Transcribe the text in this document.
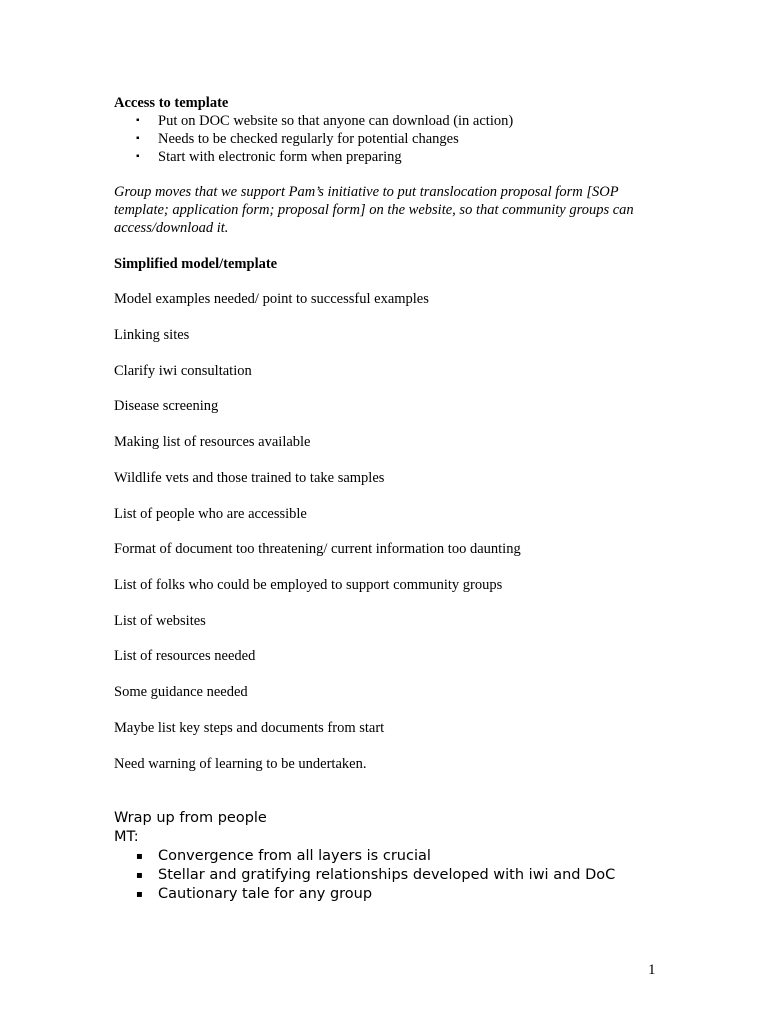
Access to template
▪ Put on DOC website so that anyone can download (in action)
▪ Needs to be checked regularly for potential changes
▪ Start with electronic form when preparing
Group moves that we support Pam’s initiative to put translocation proposal form [SOP template; application form; proposal form] on the website, so that community groups can access/download it.
Simplified model/template
Model examples needed/ point to successful examples
Linking sites
Clarify iwi consultation
Disease screening
Making list of resources available
Wildlife vets and those trained to take samples
List of people who are accessible
Format of document too threatening/ current information too daunting
List of folks who could be employed to support community groups
List of websites
List of resources needed
Some guidance needed
Maybe list key steps and documents from start
Need warning of learning to be undertaken.
Wrap up from people
MT:
▪ Convergence from all layers is crucial
▪ Stellar and gratifying relationships developed with iwi and DoC
▪ Cautionary tale for any group
1
